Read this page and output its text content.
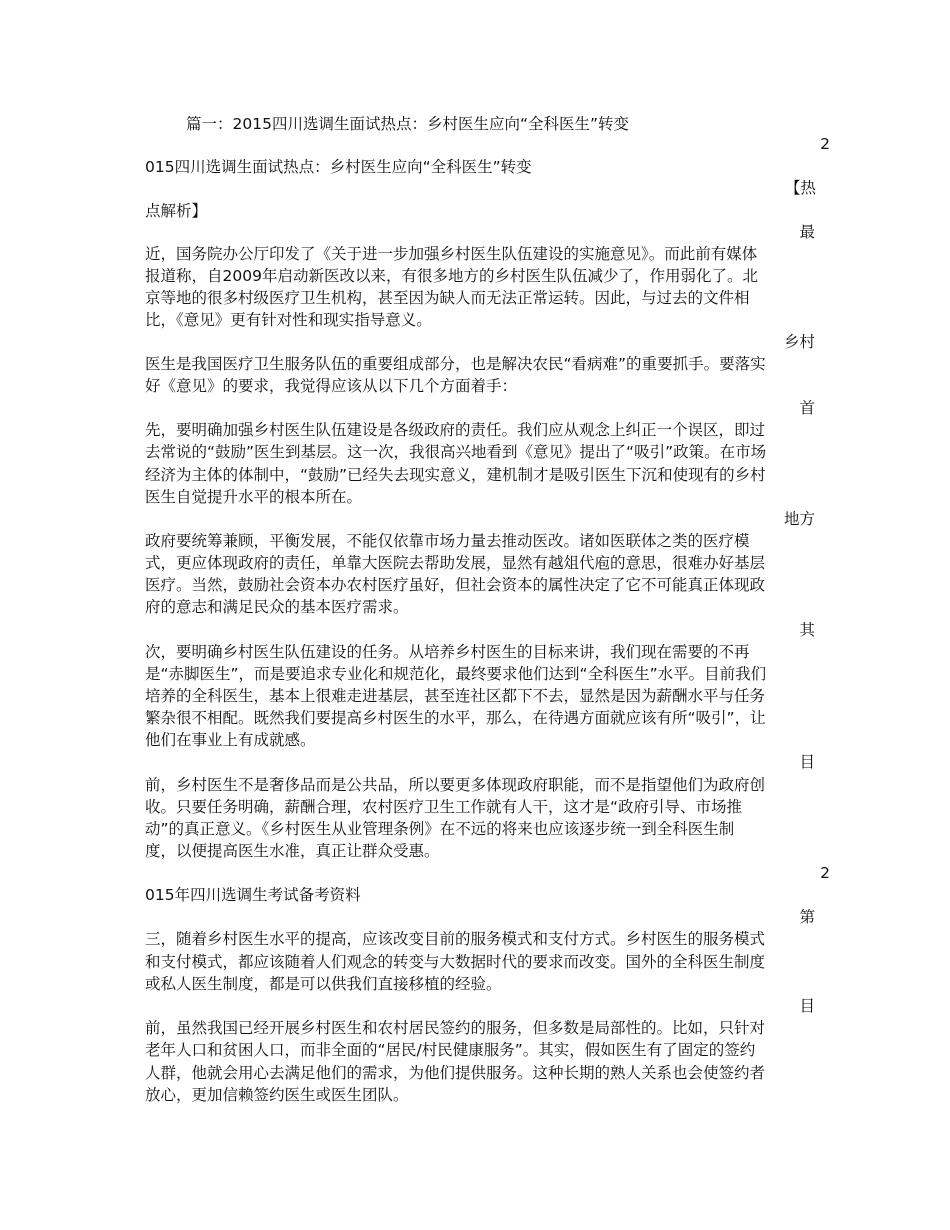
篇一：2015四川选调生面试热点：乡村医生应向“全科医生”转变
2
015四川选调生面试热点：乡村医生应向“全科医生”转变
【热
点解析】
最
近，国务院办公厅印发了《关于进一步加强乡村医生队伍建设的实施意见》。而此前有媒体
报道称，自2009年启动新医改以来，有很多地方的乡村医生队伍减少了，作用弱化了。北
京等地的很多村级医疗卫生机构，甚至因为缺人而无法正常运转。因此，与过去的文件相
比，《意见》更有针对性和现实指导意义。
乡村
医生是我国医疗卫生服务队伍的重要组成部分，也是解决农民“看病难”的重要抓手。要落实
好《意见》的要求，我觉得应该从以下几个方面着手：
首
先，要明确加强乡村医生队伍建设是各级政府的责任。我们应从观念上纠正一个误区，即过
去常说的“鼓励”医生到基层。这一次，我很高兴地看到《意见》提出了“吸引”政策。在市场
经济为主体的体制中，“鼓励”已经失去现实意义，建机制才是吸引医生下沉和使现有的乡村
医生自觉提升水平的根本所在。
地方
政府要统筹兼顾，平衡发展，不能仅依靠市场力量去推动医改。诸如医联体之类的医疗模
式，更应体现政府的责任，单靠大医院去帮助发展，显然有越俎代庖的意思，很难办好基层
医疗。当然，鼓励社会资本办农村医疗虽好，但社会资本的属性决定了它不可能真正体现政
府的意志和满足民众的基本医疗需求。
其
次，要明确乡村医生队伍建设的任务。从培养乡村医生的目标来讲，我们现在需要的不再
是“赤脚医生”，而是要追求专业化和规范化，最终要求他们达到“全科医生”水平。目前我们
培养的全科医生，基本上很难走进基层，甚至连社区都下不去，显然是因为薪酬水平与任务
繁杂很不相配。既然我们要提高乡村医生的水平，那么，在待遇方面就应该有所“吸引”，让
他们在事业上有成就感。
目
前，乡村医生不是奢侈品而是公共品，所以要更多体现政府职能，而不是指望他们为政府创
收。只要任务明确，薪酬合理，农村医疗卫生工作就有人干，这才是“政府引导、市场推
动”的真正意义。《乡村医生从业管理条例》在不远的将来也应该逐步统一到全科医生制
度，以便提高医生水准，真正让群众受惠。
2
015年四川选调生考试备考资料
第
三，随着乡村医生水平的提高，应该改变目前的服务模式和支付方式。乡村医生的服务模式
和支付模式，都应该随着人们观念的转变与大数据时代的要求而改变。国外的全科医生制度
或私人医生制度，都是可以供我们直接移植的经验。
目
前，虽然我国已经开展乡村医生和农村居民签约的服务，但多数是局部性的。比如，只针对
老年人口和贫困人口，而非全面的“居民/村民健康服务”。其实，假如医生有了固定的签约
人群，他就会用心去满足他们的需求，为他们提供服务。这种长期的熟人关系也会使签约者
放心，更加信赖签约医生或医生团队。
